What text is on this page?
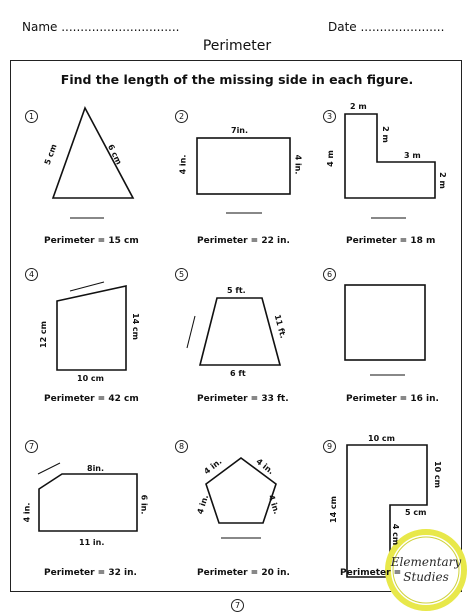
Name ...............................	Date ......................
Perimeter
Find the length of the missing side in each figure.
Elementary
Studies
1	2	3
4	5	6
7	8	9
5 cm	6 cm
7in.
4 in.	4 in.
2 m
2 m
3 m
2 m
4 m
12 cm	14 cm
10 cm
5 ft.
11 ft.
6 ft
8in.
6 in.
4 in.
11 in.
4 in.	4 in.
4 in.	4 in.
10 cm
10 cm
14 cm	5 cm
4 cm
Perimeter = 15 cm	Perimeter = 22 in.	Perimeter = 18 m
Perimeter = 42 cm	Perimeter = 33 ft.	Perimeter = 16 in.
Perimeter = 32 in.	Perimeter = 20 in.	Perimeter =
7
